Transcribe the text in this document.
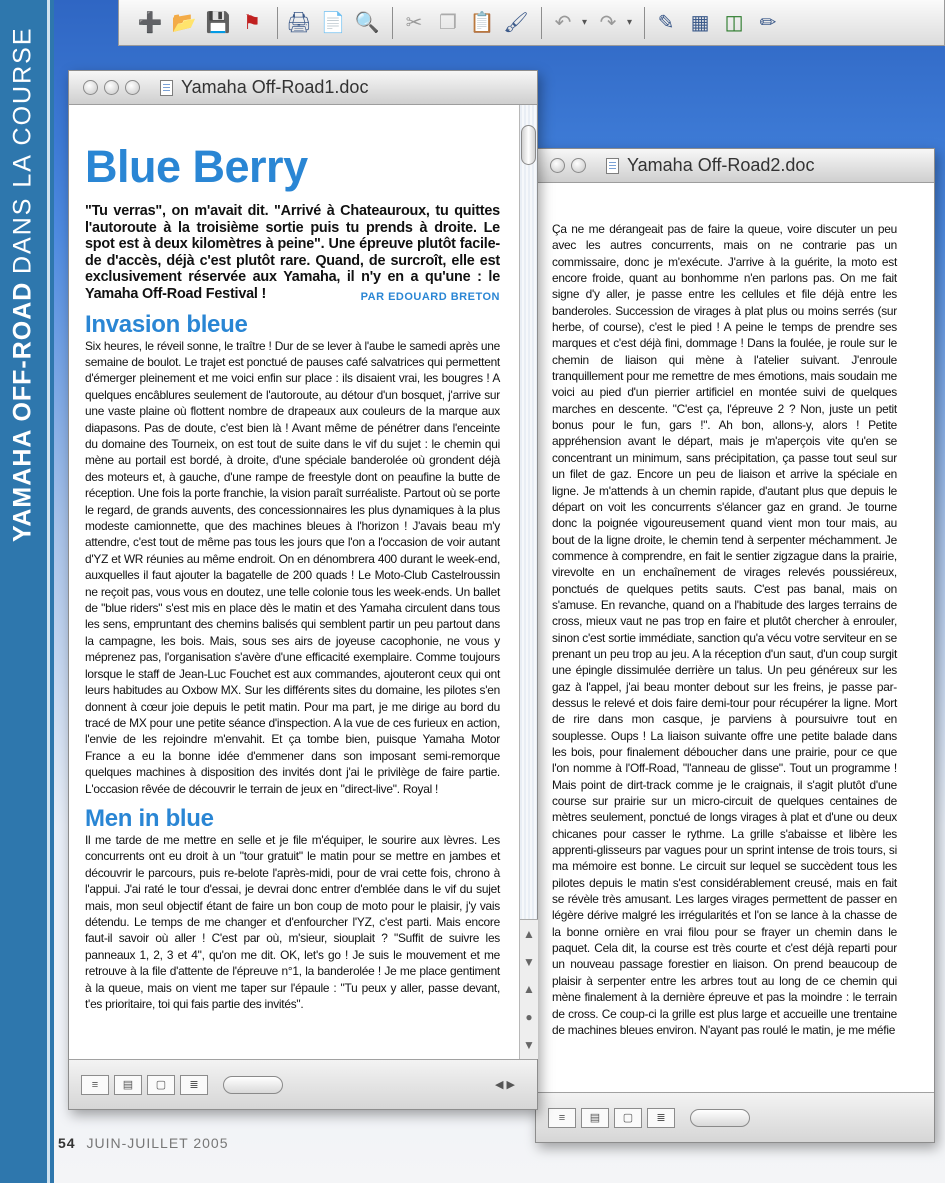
YAMAHA OFF-ROAD
DANS LA COURSE
➕ 📂 💾 ⚑	🖨 📄 🔍	✂ ❐ 📋 🖌	↶	▾ ↷	▾	✎ ▦ ◫ ✏
Yamaha Off-Road2.doc

Ça ne me dérangeait pas de faire la queue, voire discuter un peu avec les autres concurrents, mais on ne contrarie pas un commissaire, donc je m'exécute. J'arrive à la guérite, la moto est encore froide, quant au bonhomme n'en parlons pas. On me fait signe d'y aller, je passe entre les cellules et file déjà entre les banderoles. Succession de virages à plat plus ou moins serrés (sur herbe, of course), c'est le pied ! A peine le temps de prendre ses marques et c'est déjà fini, dommage ! Dans la foulée, je roule sur le chemin de liaison qui mène à l'atelier suivant. J'enroule tranquillement pour me remettre de mes émotions, mais soudain me voici au pied d'un pierrier artificiel en montée suivi de quelques marches en descente. "C'est ça, l'épreuve 2 ? Non, juste un petit bonus pour le fun, gars !". Ah bon, allons-y, alors ! Petite appréhension avant le départ, mais je m'aperçois vite qu'en se concentrant un minimum, sans précipitation, ça passe tout seul sur un filet de gaz. Encore un peu de liaison et arrive la spéciale en ligne. Je m'attends à un chemin rapide, d'autant plus que depuis le départ on voit les concurrents s'élancer gaz en grand. Je tourne donc la poignée vigoureusement quand vient mon tour mais, au bout de la ligne droite, le chemin tend à serpenter méchamment. Je commence à comprendre, en fait le sentier zigzague dans la prairie, virevolte en un enchaînement de virages relevés poussiéreux, ponctués de quelques petits sauts. C'est pas banal, mais on s'amuse. En revanche, quand on a l'habitude des larges terrains de cross, mieux vaut ne pas trop en faire et plutôt chercher à enrouler, sinon c'est sortie immédiate, sanction qu'a vécu votre serviteur en se prenant un peu trop au jeu. A la réception d'un saut, d'un coup surgit une épingle dissimulée derrière un talus. Un peu généreux sur les gaz à l'appel, j'ai beau monter debout sur les freins, je passe par-dessus le relevé et dois faire demi-tour pour récupérer la ligne. Mort de rire dans mon casque, je parviens à poursuivre tout en souplesse. Oups ! La liaison suivante offre une petite balade dans les bois, pour finalement déboucher dans une prairie, pour ce que l'on nomme à l'Off-Road, "l'anneau de glisse". Tout un programme ! Mais point de dirt-track comme je le craignais, il s'agit plutôt d'une course sur prairie sur un micro-circuit de quelques centaines de mètres seulement, ponctué de longs virages à plat et d'une ou deux chicanes pour casser le rythme. La grille s'abaisse et libère les apprenti-glisseurs par vagues pour un sprint intense de trois tours, si ma mémoire est bonne. Le circuit sur lequel se succèdent tous les pilotes depuis le matin s'est considérablement creusé, mais en fait se révèle très amusant. Les larges virages permettent de passer en légère dérive malgré les irrégularités et l'on se lance à la chasse de la bonne ornière en vrai filou pour se frayer un chemin dans le paquet. Cela dit, la course est très courte et c'est déjà reparti pour un nouveau passage forestier en liaison. On prend beaucoup de plaisir à serpenter entre les arbres tout au long de ce chemin qui mène finalement à la dernière épreuve et pas la moindre : le terrain de cross. Ce coup-ci la grille est plus large et accueille une trentaine de machines bleues environ. N'ayant pas roulé le matin, je me méfie

≡	▤	▢	≣
Yamaha Off-Road1.doc
Blue Berry

"Tu verras", on m'avait dit. "Arrivé à Chateauroux, tu quittes l'autoroute à la troisième sortie puis tu prends à droite. Le spot est à deux kilomètres à peine". Une épreuve plutôt facile-de d'accès, déjà c'est plutôt rare. Quand, de surcroît, elle est exclusivement réservée aux Yamaha, il n'y en a qu'une : le Yamaha Off-Road Festival !	PAR EDOUARD BRETON

Invasion bleue

Six heures, le réveil sonne, le traître ! Dur de se lever à l'aube le samedi après une semaine de boulot. Le trajet est ponctué de pauses café salvatrices qui permettent d'émerger pleinement et me voici enfin sur place : ils disaient vrai, les bougres ! A quelques encâblures seulement de l'autoroute, au détour d'un bosquet, j'arrive sur une vaste plaine où flottent nombre de drapeaux aux couleurs de la marque aux diapasons. Pas de doute, c'est bien là ! Avant même de pénétrer dans l'enceinte du domaine des Tourneix, on est tout de suite dans le vif du sujet : le chemin qui mène au portail est bordé, à droite, d'une spéciale banderolée où grondent déjà des moteurs et, à gauche, d'une rampe de freestyle dont on peaufine la butte de réception. Une fois la porte franchie, la vision paraît surréaliste. Partout où se porte le regard, de grands auvents, des concessionnaires les plus dynamiques à la plus modeste camionnette, que des machines bleues à l'horizon ! J'avais beau m'y attendre, c'est tout de même pas tous les jours que l'on a l'occasion de voir autant d'YZ et WR réunies au même endroit. On en dénombrera 400 durant le week-end, auxquelles il faut ajouter la bagatelle de 200 quads ! Le Moto-Club Castelroussin ne reçoit pas, vous vous en doutez, une telle colonie tous les week-ends. Un ballet de "blue riders" s'est mis en place dès le matin et des Yamaha circulent dans tous les sens, empruntant des chemins balisés qui semblent partir un peu partout dans la campagne, les bois. Mais, sous ses airs de joyeuse cacophonie, ne vous y méprenez pas, l'organisation s'avère d'une efficacité exemplaire. Comme toujours lorsque le staff de Jean-Luc Fouchet est aux commandes, ajouteront ceux qui ont leurs habitudes au Oxbow MX. Sur les différents sites du domaine, les pilotes s'en donnent à cœur joie depuis le petit matin. Pour ma part, je me dirige au bord du tracé de MX pour une petite séance d'inspection. A la vue de ces furieux en action, l'envie de les rejoindre m'envahit. Et ça tombe bien, puisque Yamaha Motor France a eu la bonne idée d'emmener dans son imposant semi-remorque quelques machines à disposition des invités dont j'ai le privilège de faire partie. L'occasion rêvée de découvrir le terrain de jeux en "direct-live". Royal !

Men in blue

Il me tarde de me mettre en selle et je file m'équiper, le sourire aux lèvres. Les concurrents ont eu droit à un "tour gratuit" le matin pour se mettre en jambes et découvrir le parcours, puis re-belote l'après-midi, pour de vrai cette fois, chrono à l'appui. J'ai raté le tour d'essai, je devrai donc entrer d'emblée dans le vif du sujet mais, mon seul objectif étant de faire un bon coup de moto pour le plaisir, j'y vais détendu. Le temps de me changer et d'enfourcher l'YZ, c'est parti. Mais encore faut-il savoir où aller ! C'est par où, m'sieur, siouplait ? "Suffit de suivre les panneaux 1, 2, 3 et 4", qu'on me dit. OK, let's go ! Je suis le mouvement et me retrouve à la file d'attente de l'épreuve n°1, la banderolée ! Je me place gentiment à la queue, mais on vient me taper sur l'épaule : "Tu peux y aller, passe devant, t'es prioritaire, toi qui fais partie des invités".

▲
▼
▲
●
▼
≡	▤	▢	≣	◀ ▶
54 JUIN-JUILLET 2005
